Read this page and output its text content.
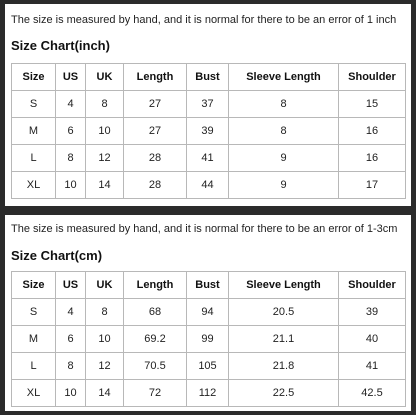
The size is measured by hand, and it is normal for there to be an error of 1 inch
Size Chart(inch)
Size	US	UK	Length	Bust	Sleeve Length	Shoulder
S	4	8	27	37	8	15
M	6	10	27	39	8	16
L	8	12	28	41	9	16
XL	10	14	28	44	9	17
The size is measured by hand, and it is normal for there to be an error of 1-3cm
Size Chart(cm)
Size	US	UK	Length	Bust	Sleeve Length	Shoulder
S	4	8	68	94	20.5	39
M	6	10	69.2	99	21.1	40
L	8	12	70.5	105	21.8	41
XL	10	14	72	112	22.5	42.5
